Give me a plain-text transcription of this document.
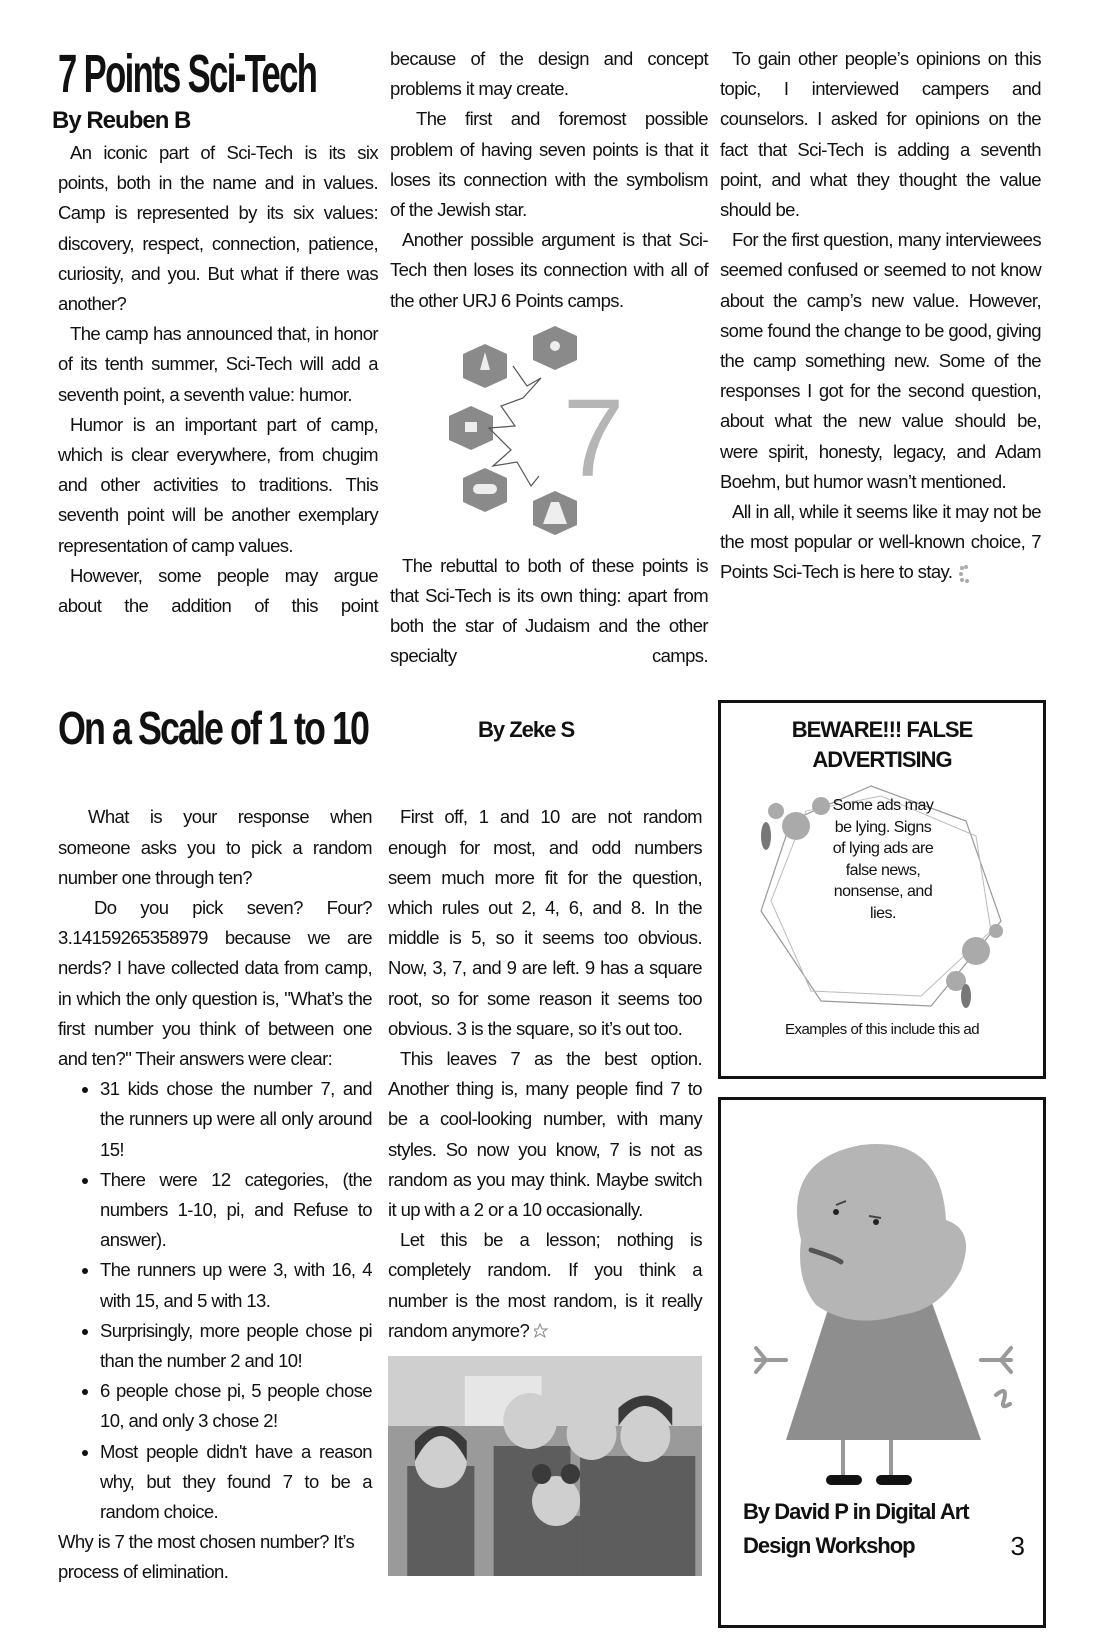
7 Points Sci-Tech
By Reuben B

An iconic part of Sci-Tech is its six points, both in the name and in values. Camp is represented by its six values: discovery, respect, connection, patience, curiosity, and you. But what if there was another?

The camp has announced that, in honor of its tenth summer, Sci-Tech will add a seventh point, a seventh value: humor.

Humor is an important part of camp, which is clear everywhere, from chugim and other activities to traditions. This seventh point will be another exemplary representation of camp values.

However, some people may argue about the addition of this point

because of the design and concept problems it may create.

The first and foremost possible problem of having seven points is that it loses its connection with the symbolism of the Jewish star.

Another possible argument is that Sci-Tech then loses its connection with all of the other URJ 6 Points camps.

7

The rebuttal to both of these points is that Sci-Tech is its own thing: apart from both the star of Judaism and the other specialty camps.

To gain other people’s opinions on this topic, I interviewed campers and counselors. I asked for opinions on the fact that Sci-Tech is adding a seventh point, and what they thought the value should be.

For the first question, many interviewees seemed confused or seemed to not know about the camp’s new value. However, some found the change to be good, giving the camp something new. Some of the responses I got for the second question, about what the new value should be, were spirit, honesty, legacy, and Adam Boehm, but humor wasn’t mentioned.

All in all, while it seems like it may not be the most popular or well-known choice, 7 Points Sci-Tech is here to stay.

On a Scale of 1 to 10	By Zeke S	BEWARE!!! FALSE ADVERTISING
Some ads may be lying. Signs of lying ads are false news, nonsense, and lies.
Examples of this include this ad
By David P in Digital Art Design Workshop	3

What is your response when someone asks you to pick a random number one through ten?

Do you pick seven? Four? 3.14159265358979 because we are nerds? I have collected data from camp, in which the only question is, "What’s the first number you think of between one and ten?" Their answers were clear:

• 31 kids chose the number 7, and the runners up were all only around 15!
• There were 12 categories, (the numbers 1-10, pi, and Refuse to answer).
• The runners up were 3, with 16, 4 with 15, and 5 with 13.
• Surprisingly, more people chose pi than the number 2 and 10!
• 6 people chose pi, 5 people chose 10, and only 3 chose 2!
• Most people didn't have a reason why, but they found 7 to be a random choice.

Why is 7 the most chosen number? It’s process of elimination.

First off, 1 and 10 are not random enough for most, and odd numbers seem much more fit for the question, which rules out 2, 4, 6, and 8. In the middle is 5, so it seems too obvious. Now, 3, 7, and 9 are left. 9 has a square root, so for some reason it seems too obvious. 3 is the square, so it’s out too.

This leaves 7 as the best option. Another thing is, many people find 7 to be a cool-looking number, with many styles. So now you know, 7 is not as random as you may think. Maybe switch it up with a 2 or a 10 occasionally.

Let this be a lesson; nothing is completely random. If you think a number is the most random, is it really random anymore?
